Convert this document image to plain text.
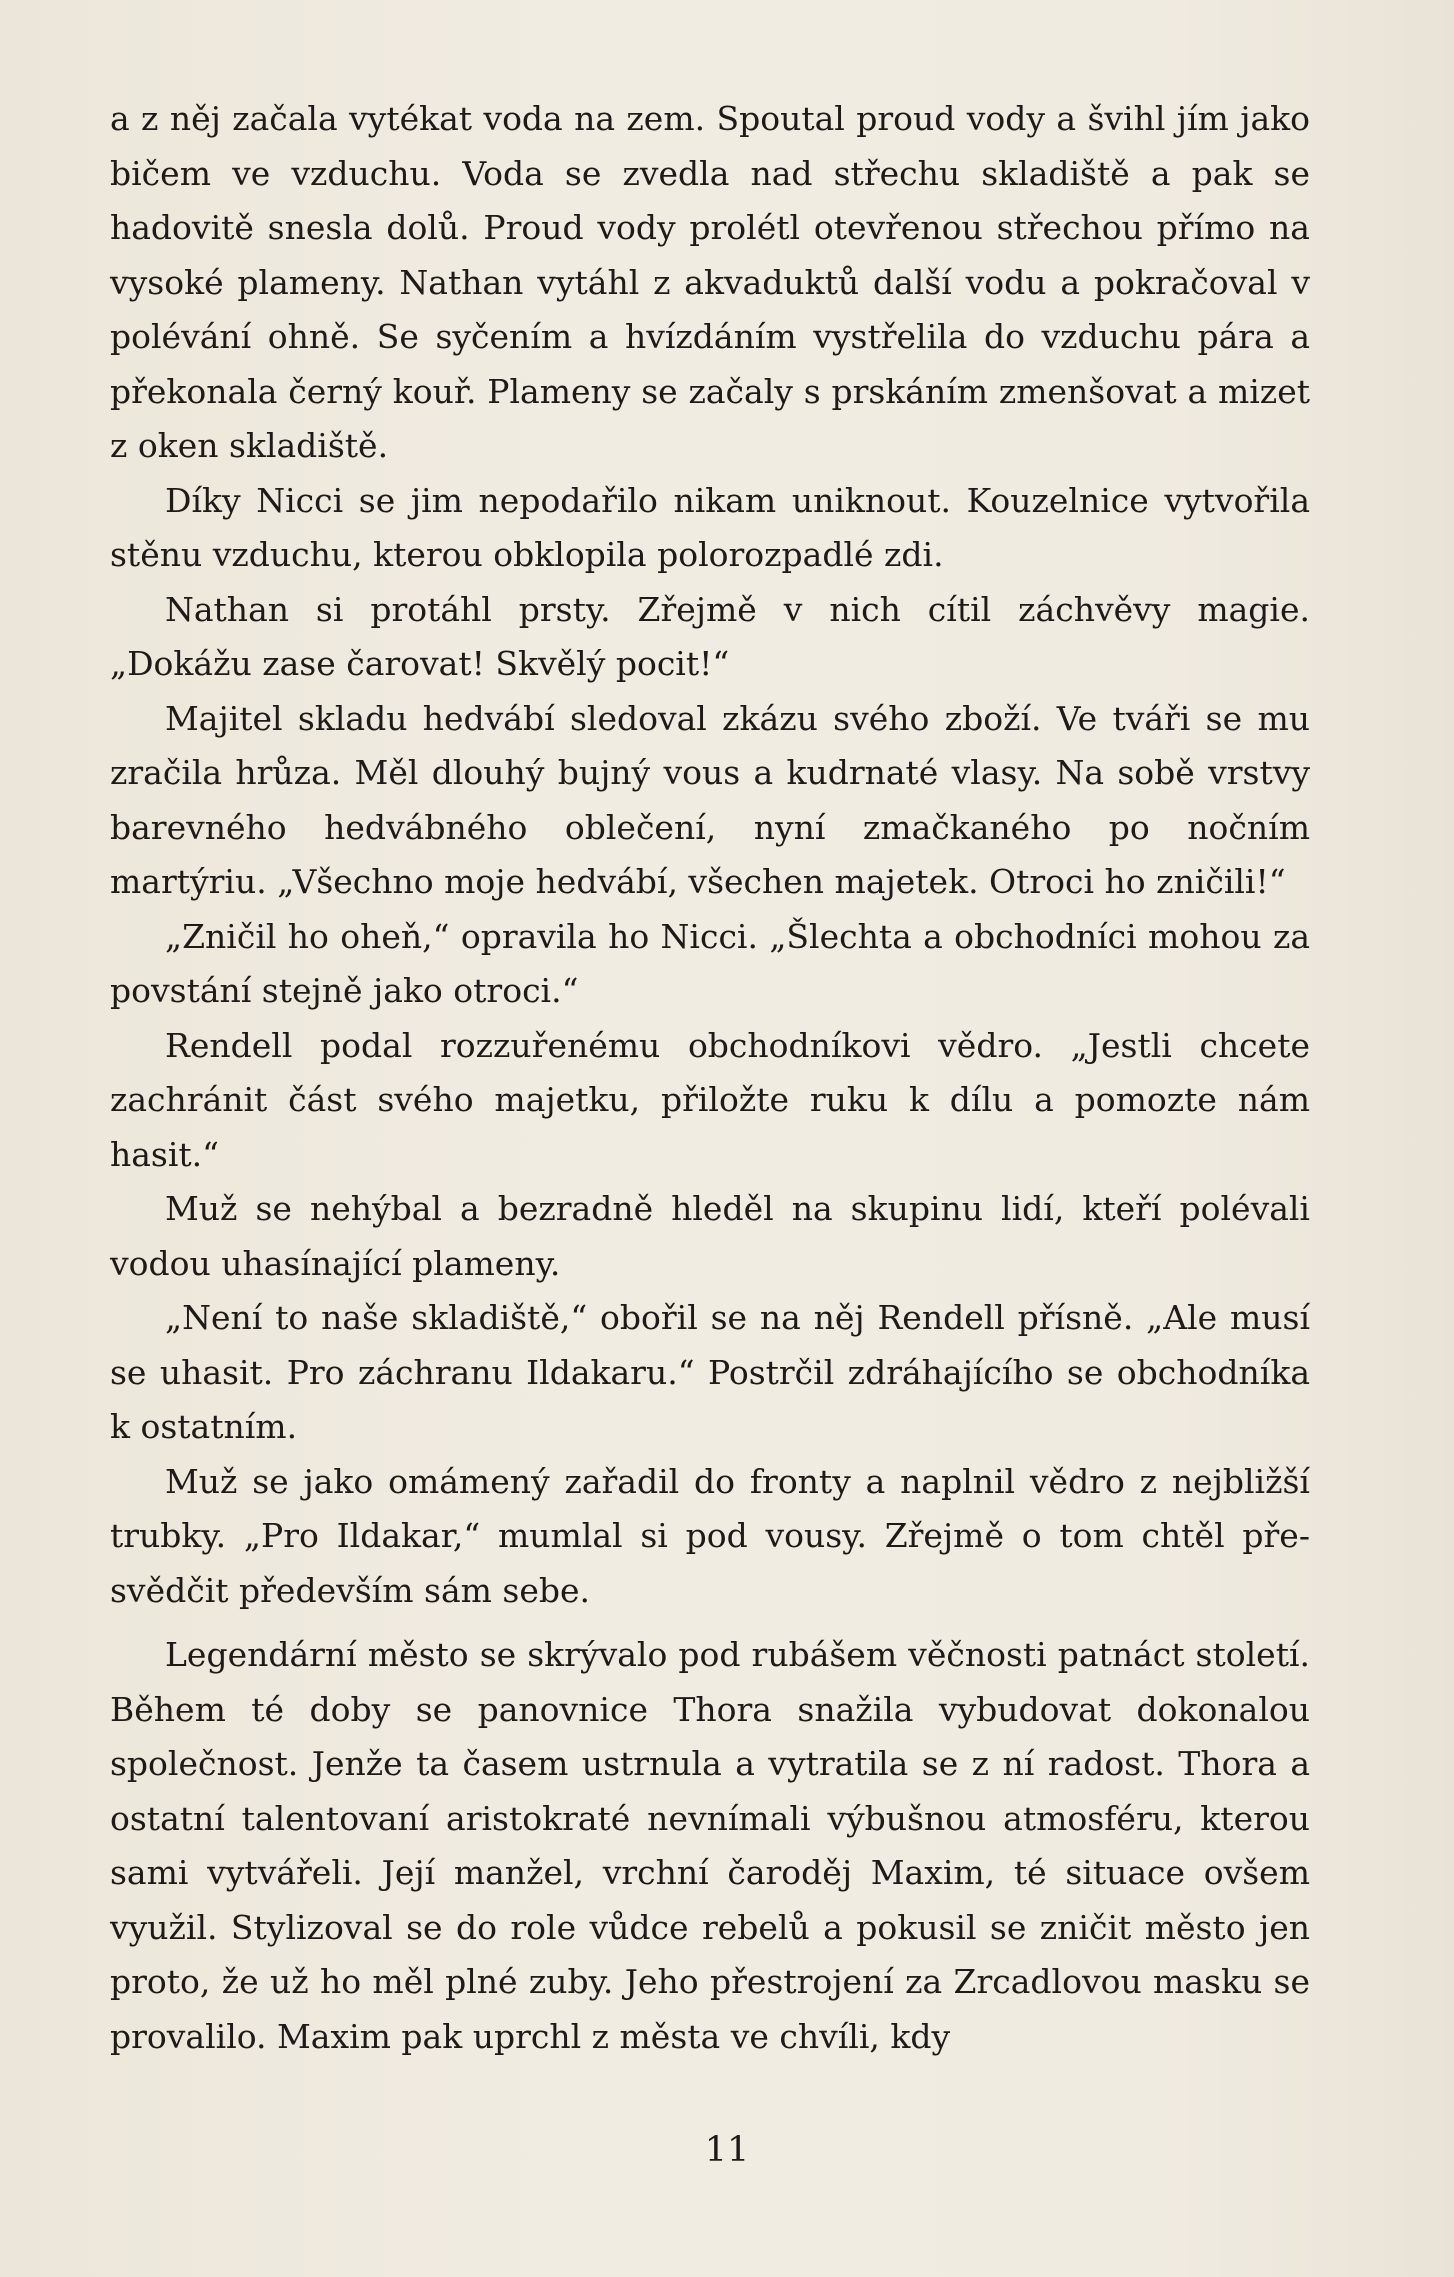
a z něj začala vytékat voda na zem. Spoutal proud vody a švihl jím jako bičem ve vzduchu. Voda se zvedla nad střechu skladiště a pak se hadovitě snesla dolů. Proud vody prolétl otevřenou střechou přímo na vysoké plameny. Nathan vytáhl z akvaduktů další vodu a pokračoval v polévání ohně. Se syčením a hvízdáním vystřelila do vzduchu pára a překonala černý kouř. Plameny se začaly s prskáním zmenšovat a mizet z oken skladiště.

Díky Nicci se jim nepodařilo nikam uniknout. Kouzelnice vytvořila stěnu vzduchu, kterou obklopila polorozpadlé zdi.

Nathan si protáhl prsty. Zřejmě v nich cítil záchvěvy magie. „Dokážu zase čarovat! Skvělý pocit!“

Majitel skladu hedvábí sledoval zkázu svého zboží. Ve tváři se mu zračila hrůza. Měl dlouhý bujný vous a kudrnaté vlasy. Na sobě vrstvy barevného hedvábného oblečení, nyní zmačkaného po nočním martýriu. „Všechno moje hedvábí, všechen majetek. Otroci ho zničili!“

„Zničil ho oheň,“ opravila ho Nicci. „Šlechta a obchodníci mohou za povstání stejně jako otroci.“

Rendell podal rozzuřenému obchodníkovi vědro. „Jestli chcete zachránit část svého majetku, přiložte ruku k dílu a pomozte nám hasit.“

Muž se nehýbal a bezradně hleděl na skupinu lidí, kteří polévali vodou uhasínající plameny.

„Není to naše skladiště,“ obořil se na něj Rendell přísně. „Ale musí se uhasit. Pro záchranu Ildakaru.“ Postrčil zdráhajícího se obchodníka k ostatním.

Muž se jako omámený zařadil do fronty a naplnil vědro z nejbližší trubky. „Pro Ildakar,“ mumlal si pod vousy. Zřejmě o tom chtěl přesvědčit především sám sebe.

Legendární město se skrývalo pod rubášem věčnosti patnáct století. Během té doby se panovnice Thora snažila vybudovat dokonalou společnost. Jenže ta časem ustrnula a vytratila se z ní radost. Thora a ostatní talentovaní aristokraté nevnímali výbušnou atmosféru, kterou sami vytvářeli. Její manžel, vrchní čaroděj Maxim, té situace ovšem využil. Stylizoval se do role vůdce rebelů a pokusil se zničit město jen proto, že už ho měl plné zuby. Jeho přestrojení za Zrcadlovou masku se provalilo. Maxim pak uprchl z města ve chvíli, kdy

11
